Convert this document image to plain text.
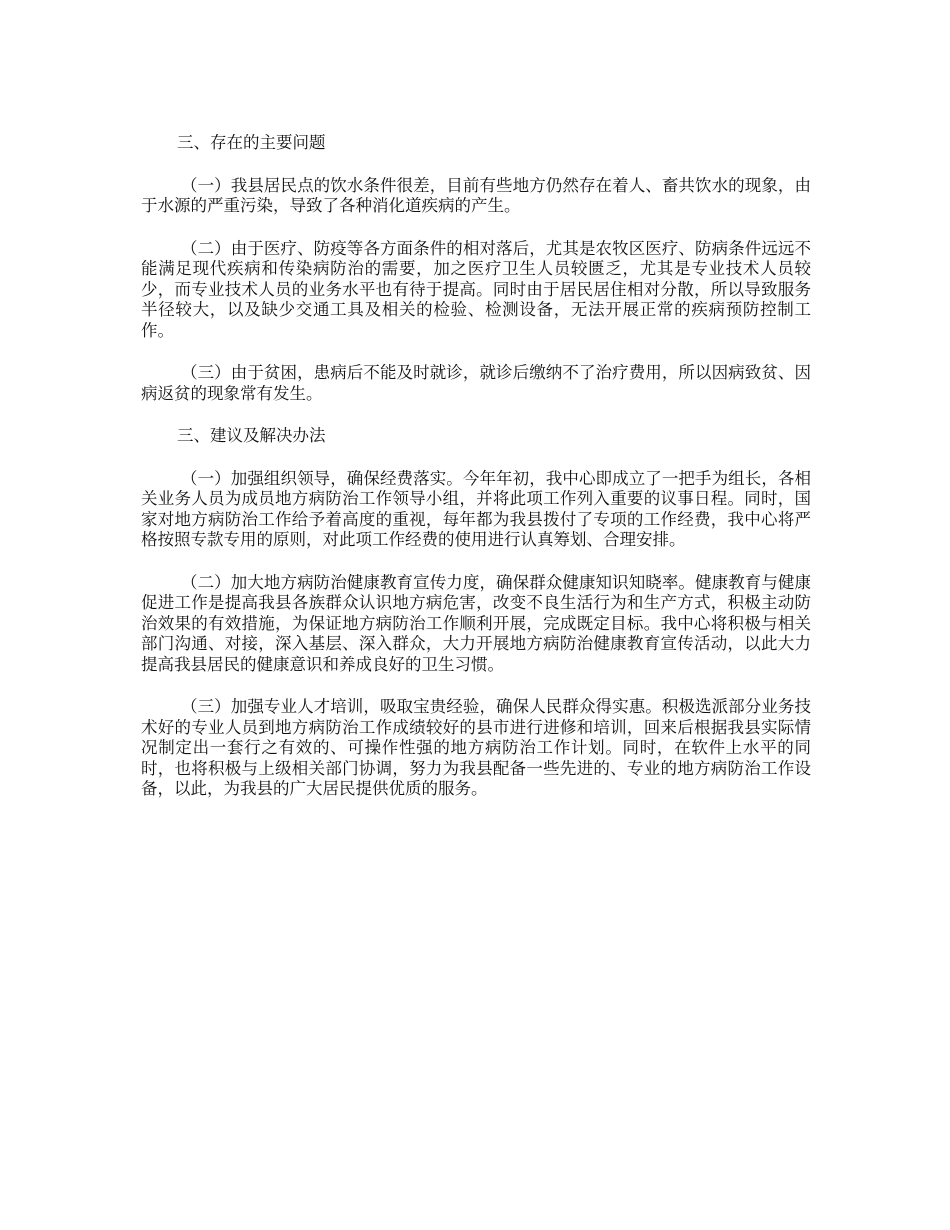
三、存在的主要问题

（一）我县居民点的饮水条件很差，目前有些地方仍然存在着人、畜共饮水的现象，由于水源的严重污染，导致了各种消化道疾病的产生。

（二）由于医疗、防疫等各方面条件的相对落后，尤其是农牧区医疗、防病条件远远不能满足现代疾病和传染病防治的需要，加之医疗卫生人员较匮乏，尤其是专业技术人员较少，而专业技术人员的业务水平也有待于提高。同时由于居民居住相对分散，所以导致服务半径较大，以及缺少交通工具及相关的检验、检测设备，无法开展正常的疾病预防控制工作。

（三）由于贫困，患病后不能及时就诊，就诊后缴纳不了治疗费用，所以因病致贫、因病返贫的现象常有发生。

三、建议及解决办法

（一）加强组织领导，确保经费落实。今年年初，我中心即成立了一把手为组长，各相关业务人员为成员地方病防治工作领导小组，并将此项工作列入重要的议事日程。同时，国家对地方病防治工作给予着高度的重视，每年都为我县拨付了专项的工作经费，我中心将严格按照专款专用的原则，对此项工作经费的使用进行认真筹划、合理安排。

（二）加大地方病防治健康教育宣传力度，确保群众健康知识知晓率。健康教育与健康促进工作是提高我县各族群众认识地方病危害，改变不良生活行为和生产方式，积极主动防治效果的有效措施，为保证地方病防治工作顺利开展，完成既定目标。我中心将积极与相关部门沟通、对接，深入基层、深入群众，大力开展地方病防治健康教育宣传活动，以此大力提高我县居民的健康意识和养成良好的卫生习惯。

（三）加强专业人才培训，吸取宝贵经验，确保人民群众得实惠。积极选派部分业务技术好的专业人员到地方病防治工作成绩较好的县市进行进修和培训，回来后根据我县实际情况制定出一套行之有效的、可操作性强的地方病防治工作计划。同时，在软件上水平的同时，也将积极与上级相关部门协调，努力为我县配备一些先进的、专业的地方病防治工作设备，以此，为我县的广大居民提供优质的服务。
